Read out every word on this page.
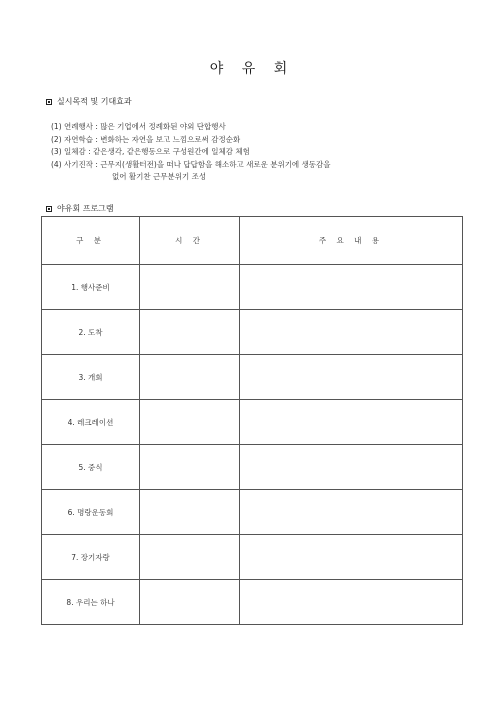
야 유 회
실시목적 및 기대효과
(1) 연례행사 : 많은 기업에서 정례화된 야외 단합행사
(2) 자연학습 : 변화하는 자연을 보고 느낌으로써 감정순화
(3) 일체감 : 같은생각, 같은행동으로 구성원간에 일체감 체험
(4) 사기진작 : 근무지(생활터전)을 떠나 답답함을 해소하고 새로운 분위기에 생동감을
없어 활기찬 근무분위기 조성
야유회 프로그램
구 분	시 간	주 요 내 용
1. 행사준비		
2. 도착		
3. 개회		
4. 레크레이션		
5. 중식		
6. 명랑운동회		
7. 장기자랑		
8. 우리는 하나		
